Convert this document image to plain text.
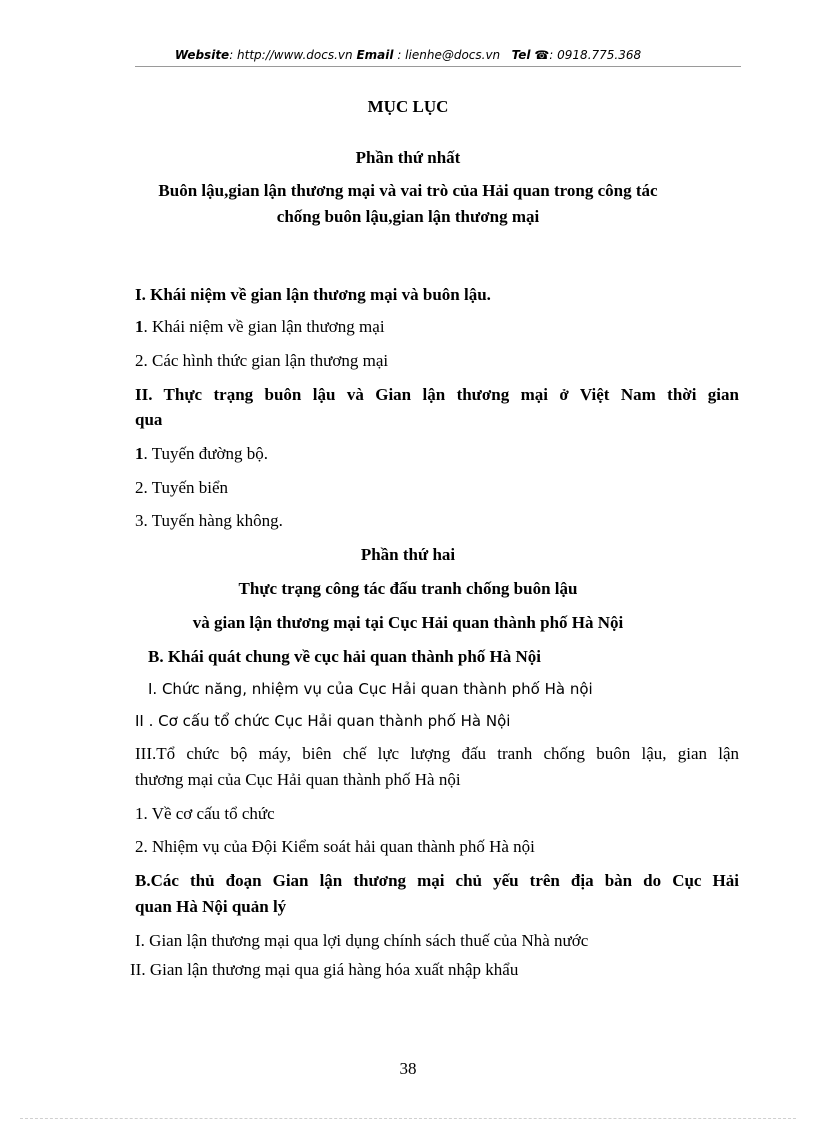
Website: http://www.docs.vn Email : lienhe@docs.vn Tel ☎: 0918.775.368
MỤC LỤC
Phần thứ nhất
Buôn lậu,gian lận thương mại và vai trò của Hải quan trong công tác
chống buôn lậu,gian lận thương mại
I. Khái niệm về gian lận thương mại và buôn lậu.
1. Khái niệm về gian lận thương mại
2. Các hình thức gian lận thương mại
II. Thực trạng buôn lậu và Gian lận thương mại ở Việt Nam thời gian
qua
1. Tuyến đường bộ.
2. Tuyến biển
3. Tuyến hàng không.
Phần thứ hai
Thực trạng công tác đấu tranh chống buôn lậu
và gian lận thương mại tại Cục Hải quan thành phố Hà Nội
B. Khái quát chung về cục hải quan thành phố Hà Nội
I. Chức năng, nhiệm vụ của Cục Hải quan thành phố Hà nội
II . Cơ cấu tổ chức Cục Hải quan thành phố Hà Nội
III.Tổ chức bộ máy, biên chế lực lượng đấu tranh chống buôn lậu, gian lận
thương mại của Cục Hải quan thành phố Hà nội
1. Về cơ cấu tổ chức
2. Nhiệm vụ của Đội Kiểm soát hải quan thành phố Hà nội
B.Các thủ đoạn Gian lận thương mại chủ yếu trên địa bàn do Cục Hải
quan Hà Nội quản lý
I. Gian lận thương mại qua lợi dụng chính sách thuế của Nhà nước
II. Gian lận thương mại qua giá hàng hóa xuất nhập khẩu
38
